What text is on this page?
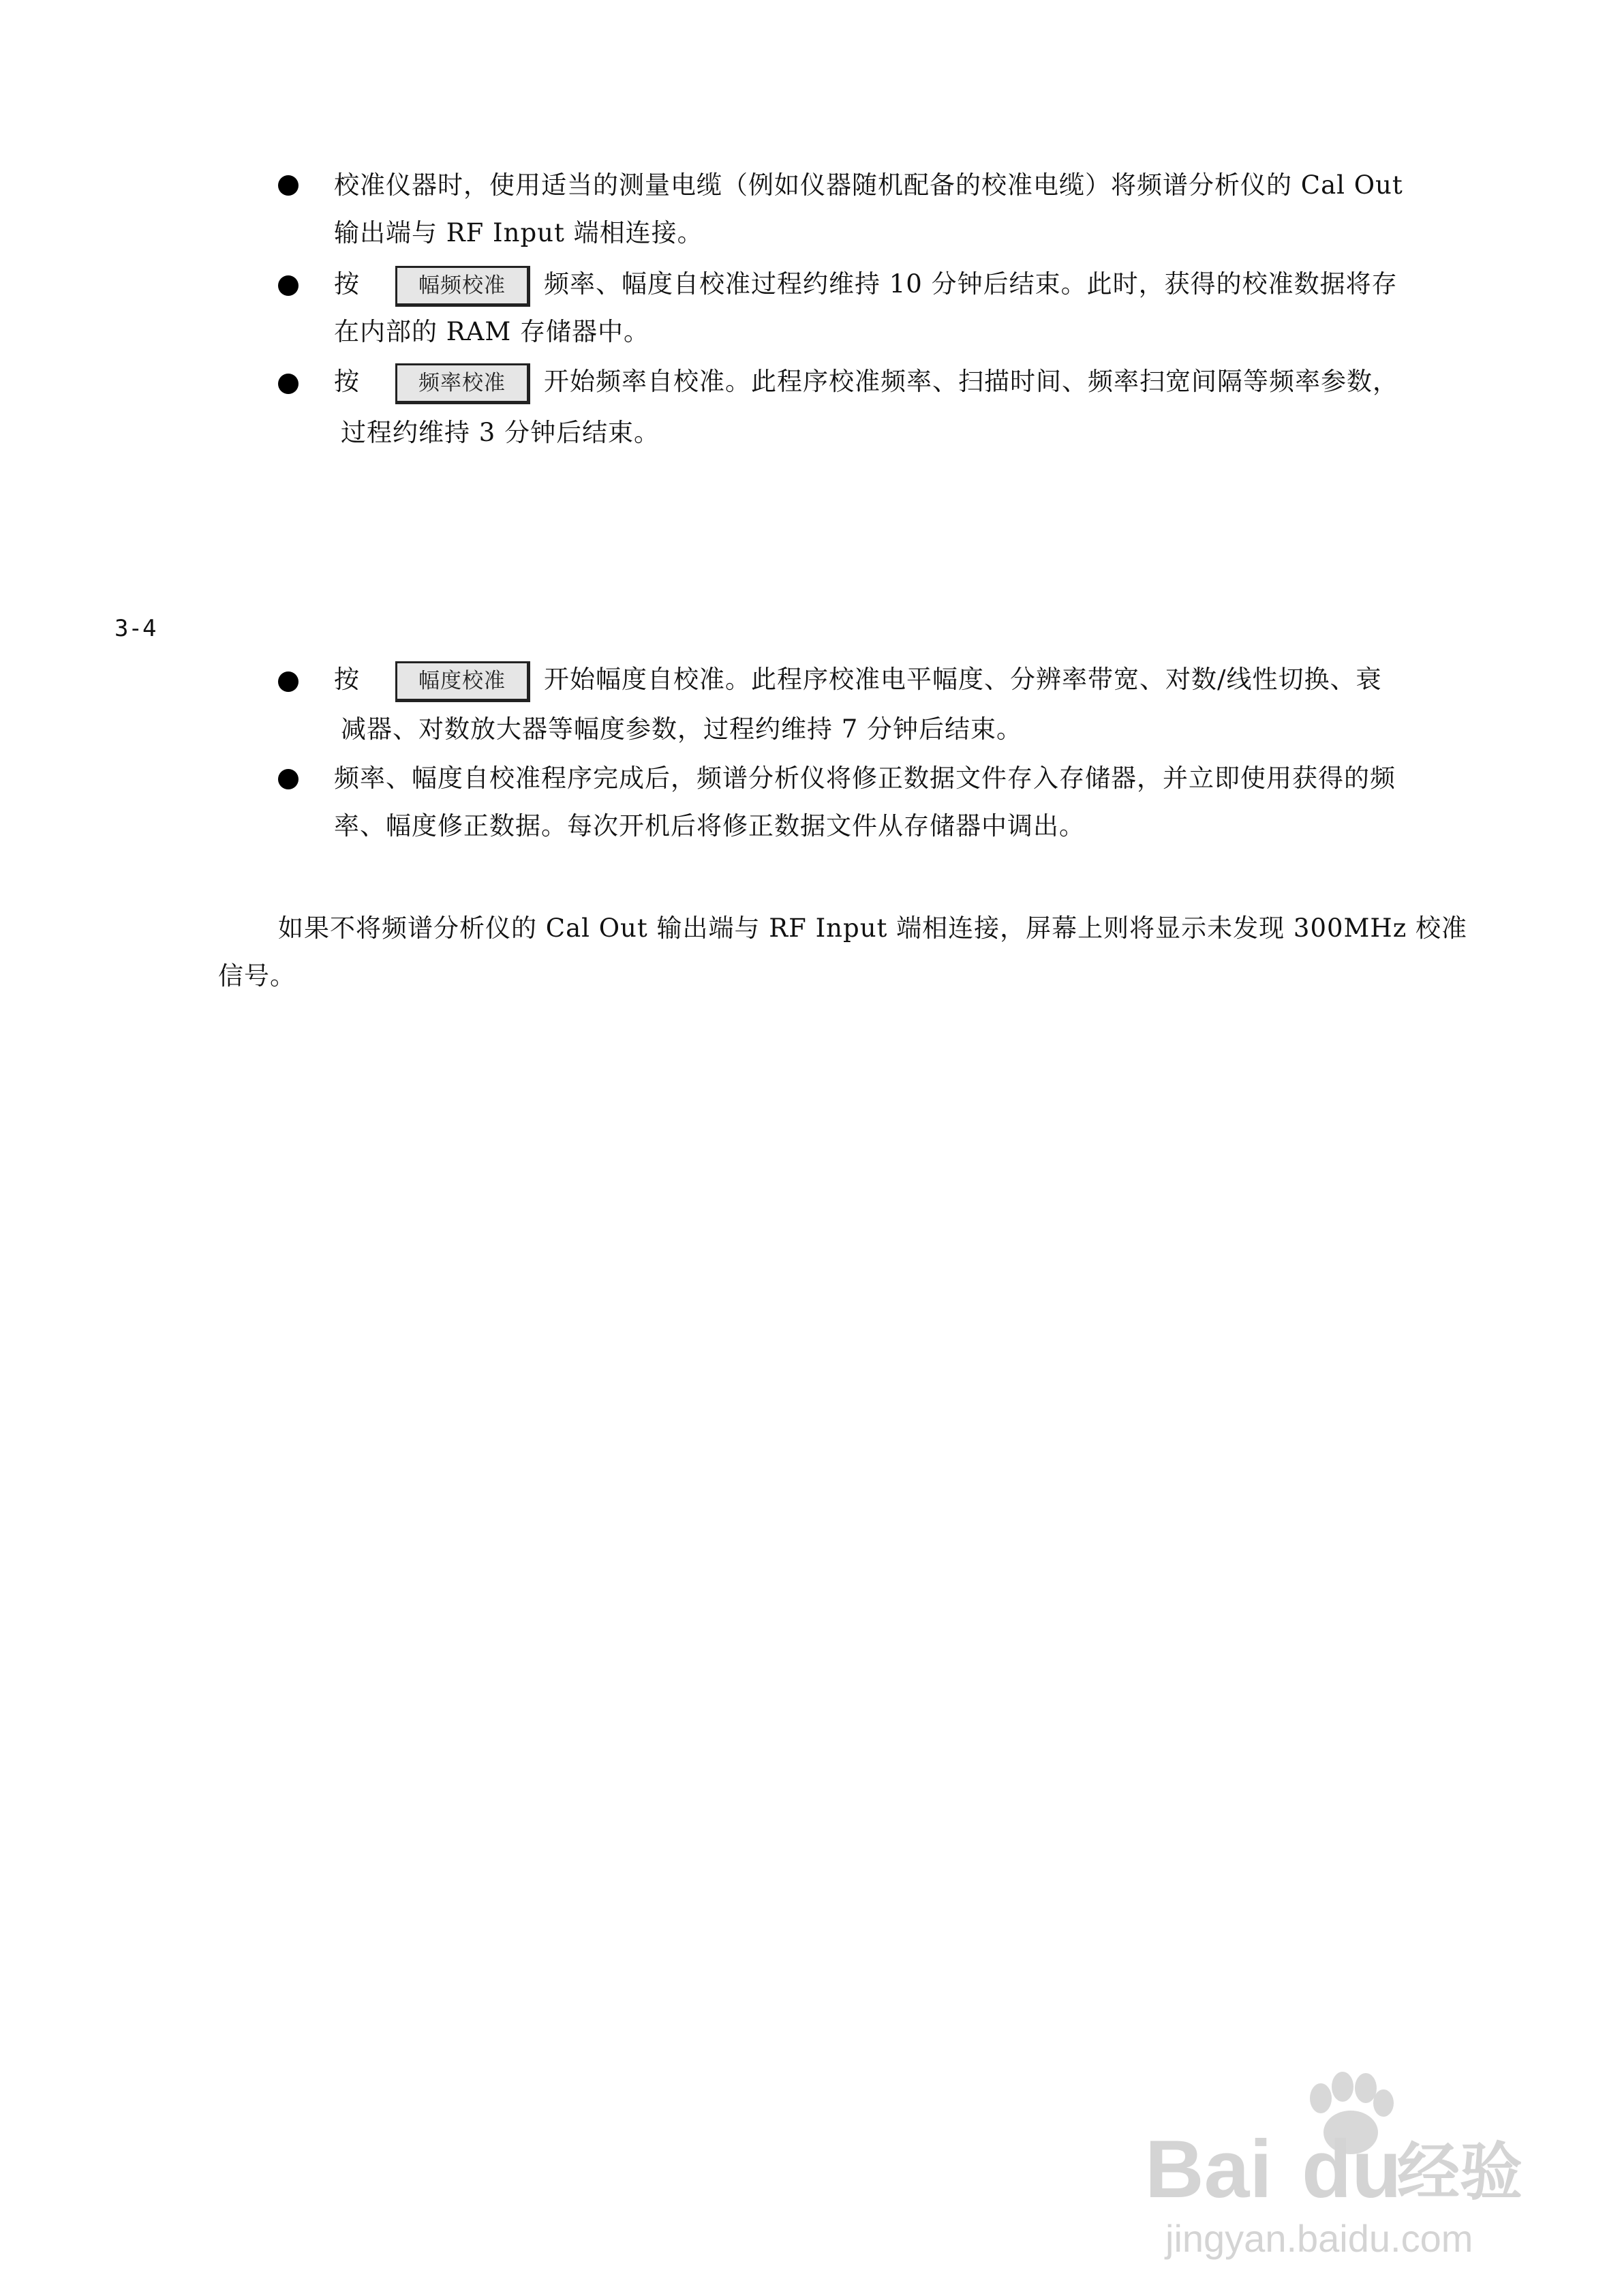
校准仪器时，使用适当的测量电缆（例如仪器随机配备的校准电缆）将频谱分析仪的 Cal Out
输出端与 RF Input 端相连接。
按	幅频校准 频率、幅度自校准过程约维持 10 分钟后结束。此时，获得的校准数据将存
在内部的 RAM 存储器中。
按	频率校准 开始频率自校准。此程序校准频率、扫描时间、频率扫宽间隔等频率参数，
过程约维持 3 分钟后结束。
3-4
按	幅度校准 开始幅度自校准。此程序校准电平幅度、分辨率带宽、对数/线性切换、衰
减器、对数放大器等幅度参数，过程约维持 7 分钟后结束。
频率、幅度自校准程序完成后，频谱分析仪将修正数据文件存入存储器，并立即使用获得的频
率、幅度修正数据。每次开机后将修正数据文件从存储器中调出。
如果不将频谱分析仪的 Cal Out 输出端与 RF Input 端相连接，屏幕上则将显示未发现 300MHz 校准
信号。
Bai du
经验
jingyan.baidu.com
